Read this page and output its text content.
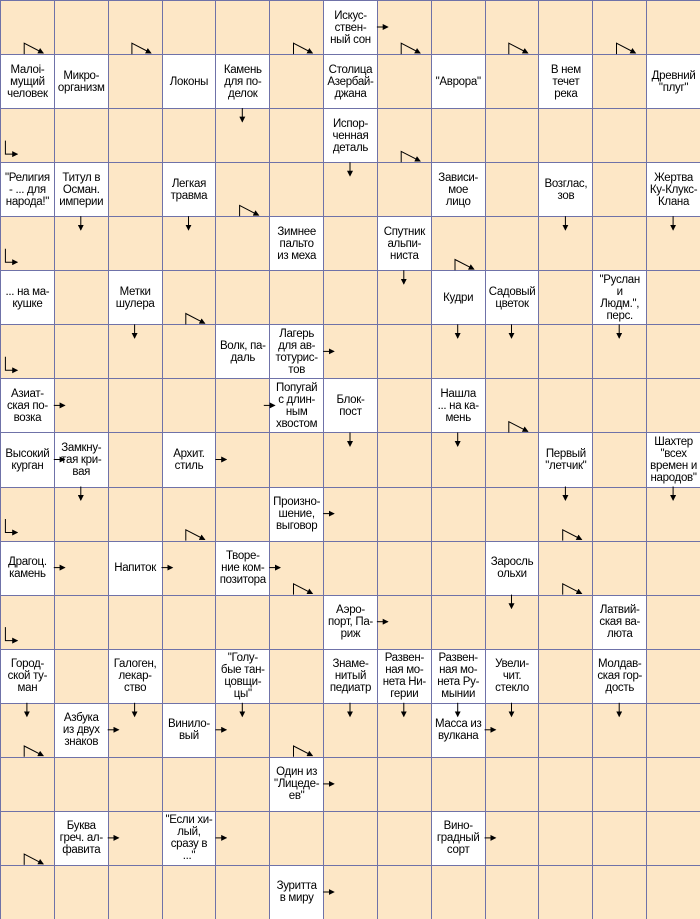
Искус-
ствен-
ный сон
Малоі-
мущий
человек
Микро-
организм	Локоны
Камень
для по-
делок
Столица
Азербай-
джана
"Аврора"
В нем
течет
река
Древний
"плуг"
Испор-
ченная
деталь
"Религия
- ... для
народа!"
Титул в
Осман.
империи
Легкая
травма
Зависи-
мое
лицо
Возглас,
зов
Жертва
Ку-Клукс-
Клана
Зимнее
пальто
из меха
Спутник
альпи-
ниста
... на ма-
кушке
Метки
шулера	Кудри Садовый
цветок
"Руслан
и
Людм.",
перс.
Волк, па-
даль
Лагерь
для ав-
тотурис-
тов
Азиат-
ская по-
возка
Попугай
с длин-
ным
хвостом
Блок-
пост
Нашла
... на ка-
мень
Высокий
курган
Замкну-
тая кри-
вая
Архит.
стиль
Первый
"летчик"
Шахтер
"всех
времен и
народов"
Произно-
шение,
выговор
Драгоц.
камень	Напиток
Творе-
ние ком-
позитора
Заросль
ольхи
Аэро-
порт, Па-
риж
Латвий-
ская ва-
люта
Город-
ской ту-
ман
Галоген,
лекар-
ство
"Голу-
бые тан-
цовщи-
цы"
Знаме-
нитый
педиатр
Развен-
ная мо-
нета Ни-
герии
Развен-
ная мо-
нета Ру-
мынии
Увели-
чит.
стекло
Молдав-
ская гор-
дость
Азбука
из двух
знаков
Винило-
вый
Масса из
вулкана
Один из
"Лицеде-
ев"
Буква
греч. ал-
фавита
"Если хи-
лый,
сразу в
..."
Вино-
градный
сорт
Зуритта
в миру
